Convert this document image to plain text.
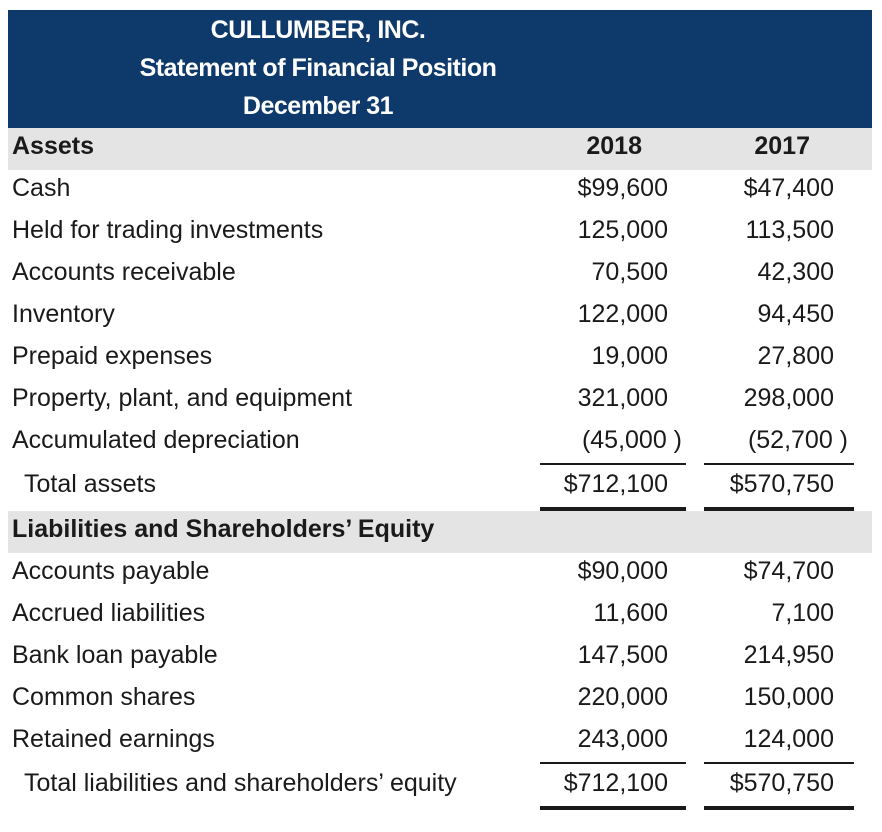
CULLUMBER, INC.
Statement of Financial Position
December 31
Assets	2018	2017
Cash	$99,600	$47,400
Held for trading investments	125,000	113,500
Accounts receivable	70,500	42,300
Inventory	122,000	94,450
Prepaid expenses	19,000	27,800
Property, plant, and equipment	321,000	298,000
Accumulated depreciation	(45,000 )	(52,700 )
Total assets	$712,100 $570,750
Liabilities and Shareholders’ Equity
Accounts payable	$90,000	$74,700
Accrued liabilities	11,600	7,100
Bank loan payable	147,500	214,950
Common shares	220,000	150,000
Retained earnings	243,000	124,000
Total liabilities and shareholders’ equity	$712,100 $570,750
